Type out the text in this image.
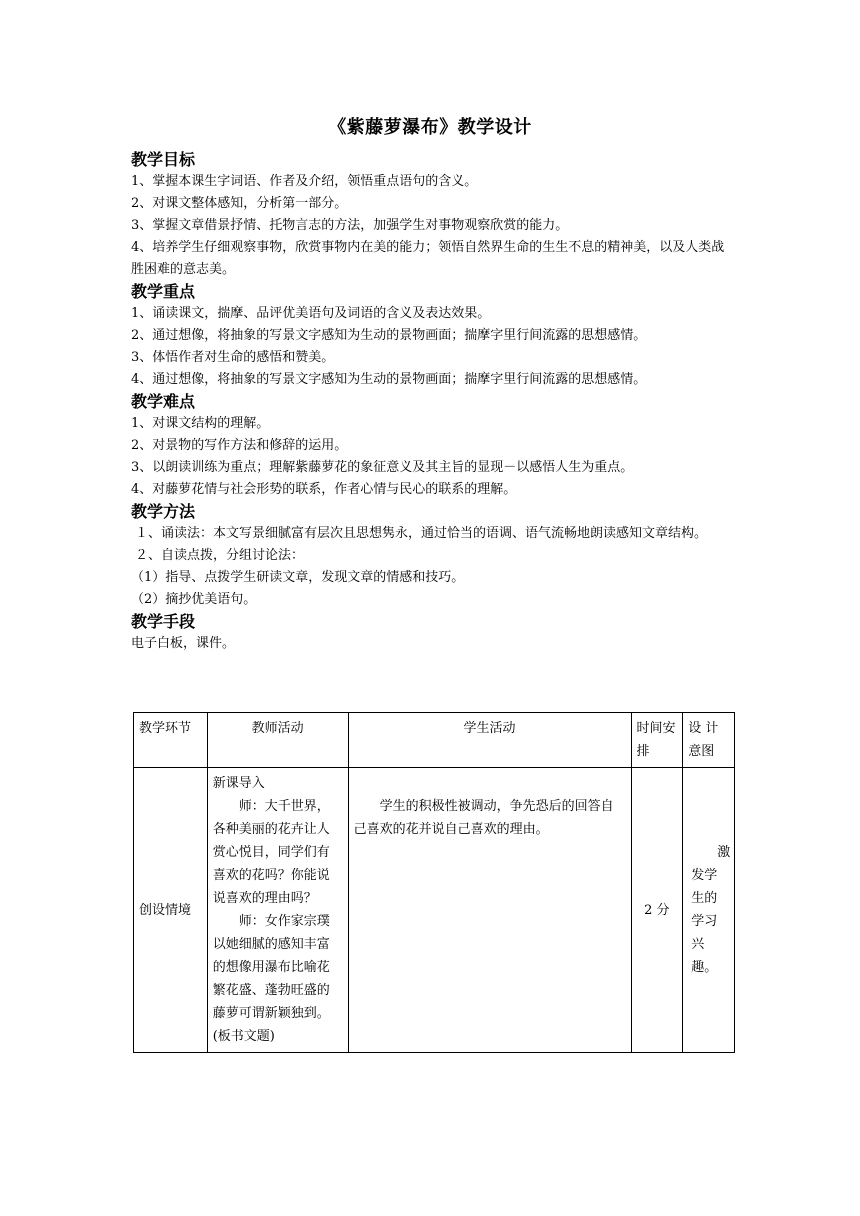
《紫藤萝瀑布》教学设计

教学目标

1、掌握本课生字词语、作者及介绍，领悟重点语句的含义。

2、对课文整体感知，分析第一部分。

3、掌握文章借景抒情、托物言志的方法，加强学生对事物观察欣赏的能力。

4、培养学生仔细观察事物，欣赏事物内在美的能力；领悟自然界生命的生生不息的精神美，以及人类战胜困难的意志美。

教学重点

1、诵读课文，揣摩、品评优美语句及词语的含义及表达效果。

2、通过想像，将抽象的写景文字感知为生动的景物画面；揣摩字里行间流露的思想感情。

3、体悟作者对生命的感悟和赞美。

4、通过想像，将抽象的写景文字感知为生动的景物画面；揣摩字里行间流露的思想感情。

教学难点

1、对课文结构的理解。

2、对景物的写作方法和修辞的运用。

3、以朗读训练为重点；理解紫藤萝花的象征意义及其主旨的显现－以感悟人生为重点。

4、对藤萝花情与社会形势的联系，作者心情与民心的联系的理解。

教学方法

１、诵读法：本文写景细腻富有层次且思想隽永，通过恰当的语调、语气流畅地朗读感知文章结构。

２、自读点拨，分组讨论法：

（1）指导、点拨学生研读文章，发现文章的情感和技巧。

（2）摘抄优美语句。

教学手段

电子白板，课件。

教学环节	教师活动	学生活动	时间安排	设 计意图
创设情境	新课导入

师：大千世界，各种美丽的花卉让人赏心悦目，同学们有喜欢的花吗？你能说说喜欢的理由吗？

师：女作家宗璞以她细腻的感知丰富的想像用瀑布比喻花繁花盛、蓬勃旺盛的藤萝可谓新颖独到。(板书文题)	学生的积极性被调动，争先恐后的回答自己喜欢的花并说自己喜欢的理由。	2 分	激发学生的学习兴趣。
